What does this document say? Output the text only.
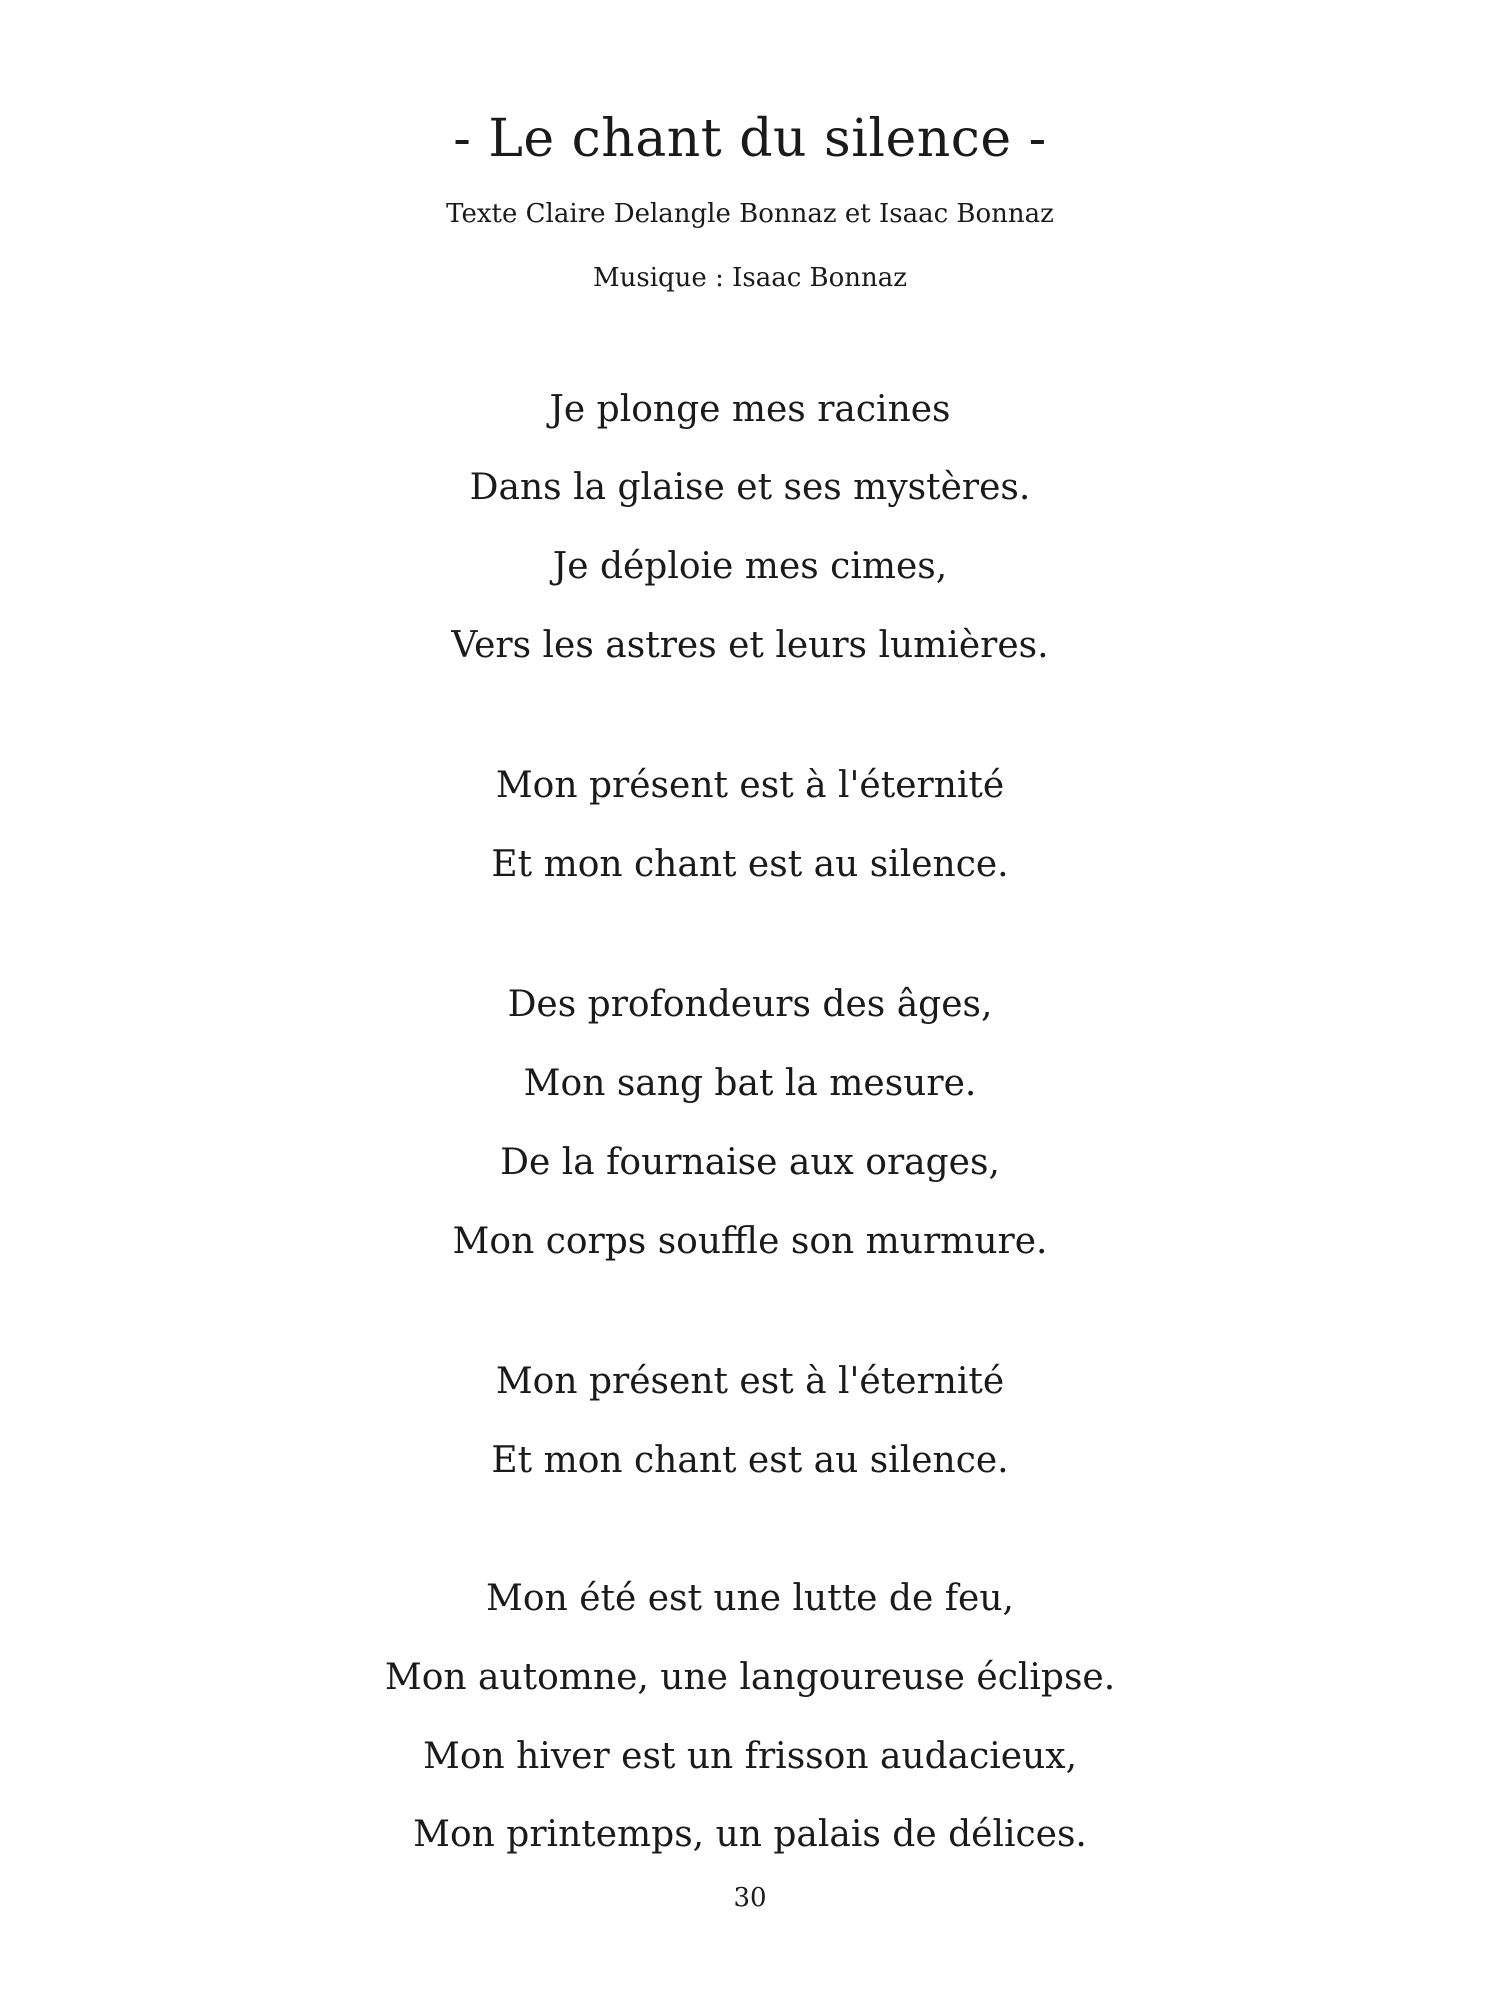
- Le chant du silence -
Texte Claire Delangle Bonnaz et Isaac Bonnaz
Musique : Isaac Bonnaz
Je plonge mes racines
Dans la glaise et ses mystères.
Je déploie mes cimes,
Vers les astres et leurs lumières.
Mon présent est à l'éternité
Et mon chant est au silence.
Des profondeurs des âges,
Mon sang bat la mesure.
De la fournaise aux orages,
Mon corps souffle son murmure.
Mon présent est à l'éternité
Et mon chant est au silence.
Mon été est une lutte de feu,
Mon automne, une langoureuse éclipse.
Mon hiver est un frisson audacieux,
Mon printemps, un palais de délices.
30
